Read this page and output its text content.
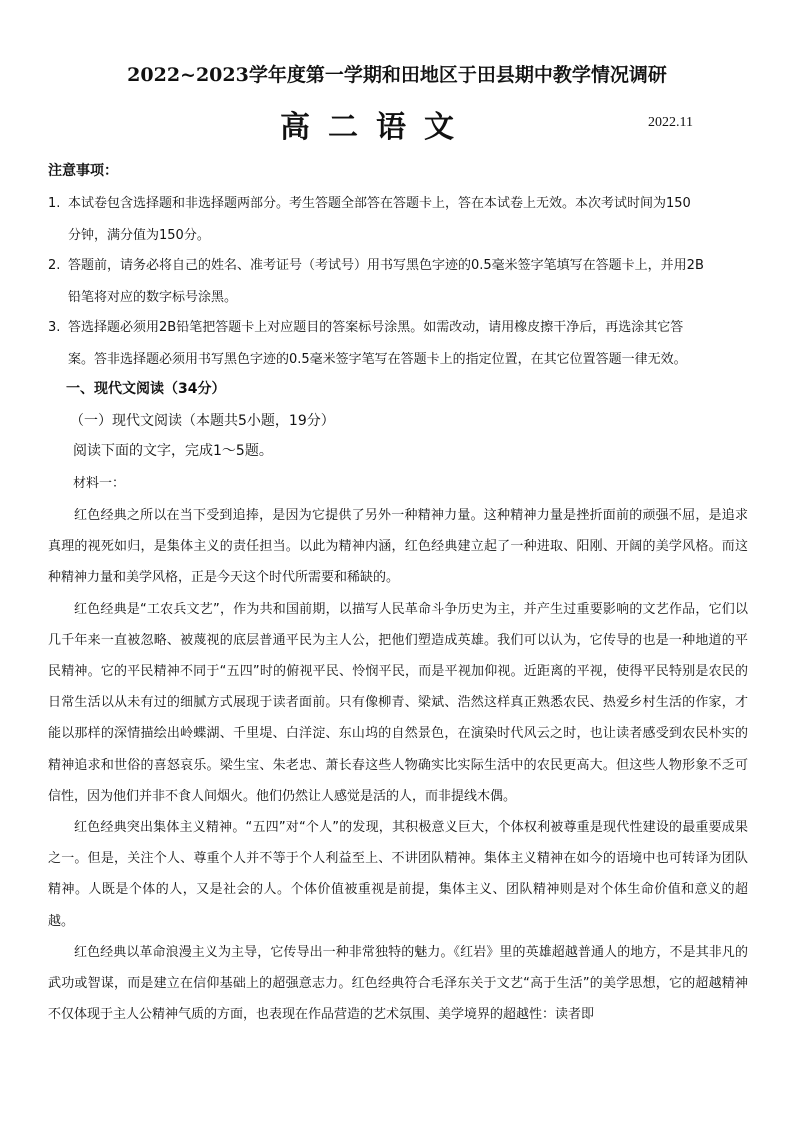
2022~2023学年度第一学期和田地区于田县期中教学情况调研
高二语文	2022.11
注意事项：
1. 本试卷包含选择题和非选择题两部分。考生答题全部答在答题卡上，答在本试卷上无效。本次考试时间为150
分钟，满分值为150分。
2. 答题前，请务必将自己的姓名、准考证号（考试号）用书写黑色字迹的0.5毫米签字笔填写在答题卡上，并用2B
铅笔将对应的数字标号涂黑。
3. 答选择题必须用2B铅笔把答题卡上对应题目的答案标号涂黑。如需改动，请用橡皮擦干净后，再选涂其它答
案。答非选择题必须用书写黑色字迹的0.5毫米签字笔写在答题卡上的指定位置，在其它位置答题一律无效。
一、现代文阅读（34分）
（一）现代文阅读（本题共5小题，19分）
阅读下面的文字，完成1～5题。
材料一：

红色经典之所以在当下受到追捧，是因为它提供了另外一种精神力量。这种精神力量是挫折面前的顽强不屈，是追求真理的视死如归，是集体主义的责任担当。以此为精神内涵，红色经典建立起了一种进取、阳刚、开阔的美学风格。而这种精神力量和美学风格，正是今天这个时代所需要和稀缺的。

红色经典是“工农兵文艺”，作为共和国前期，以描写人民革命斗争历史为主，并产生过重要影响的文艺作品，它们以几千年来一直被忽略、被蔑视的底层普通平民为主人公，把他们塑造成英雄。我们可以认为，它传导的也是一种地道的平民精神。它的平民精神不同于“五四”时的俯视平民、怜悯平民，而是平视加仰视。近距离的平视，使得平民特别是农民的日常生活以从未有过的细腻方式展现于读者面前。只有像柳青、梁斌、浩然这样真正熟悉农民、热爱乡村生活的作家，才能以那样的深情描绘出岭蝶湖、千里堤、白洋淀、东山坞的自然景色，在演染时代风云之时，也让读者感受到农民朴实的精神追求和世俗的喜怒哀乐。梁生宝、朱老忠、萧长春这些人物确实比实际生活中的农民更高大。但这些人物形象不乏可信性，因为他们并非不食人间烟火。他们仍然让人感觉是活的人，而非提线木偶。

红色经典突出集体主义精神。“五四”对“个人”的发现，其积极意义巨大，个体权利被尊重是现代性建设的最重要成果之一。但是，关注个人、尊重个人并不等于个人利益至上、不讲团队精神。集体主义精神在如今的语境中也可转译为团队精神。人既是个体的人，又是社会的人。个体价值被重视是前提，集体主义、团队精神则是对个体生命价值和意义的超越。

红色经典以革命浪漫主义为主导，它传导出一种非常独特的魅力。《红岩》里的英雄超越普通人的地方，不是其非凡的武功或智谋，而是建立在信仰基础上的超强意志力。红色经典符合毛泽东关于文艺“高于生活”的美学思想，它的超越精神不仅体现于主人公精神气质的方面，也表现在作品营造的艺术氛围、美学境界的超越性：读者即
